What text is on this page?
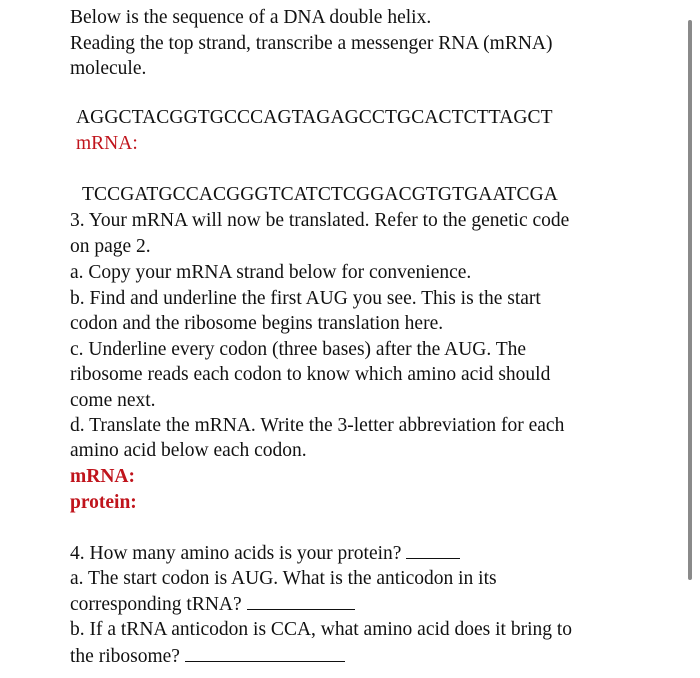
Below is the sequence of a DNA double helix.
Reading the top strand, transcribe a messenger RNA (mRNA)
molecule.
AGGCTACGGTGCCCAGTAGAGCCTGCACTCTTAGCT
mRNA:
TCCGATGCCACGGGTCATCTCGGACGTGTGAATCGA
3. Your mRNA will now be translated. Refer to the genetic code
on page 2.
a. Copy your mRNA strand below for convenience.
b. Find and underline the first AUG you see. This is the start
codon and the ribosome begins translation here.
c. Underline every codon (three bases) after the AUG. The
ribosome reads each codon to know which amino acid should
come next.
d. Translate the mRNA. Write the 3-letter abbreviation for each
amino acid below each codon.
mRNA:
protein:
4. How many amino acids is your protein?
a. The start codon is AUG. What is the anticodon in its
corresponding tRNA?
b. If a tRNA anticodon is CCA, what amino acid does it bring to
the ribosome?
